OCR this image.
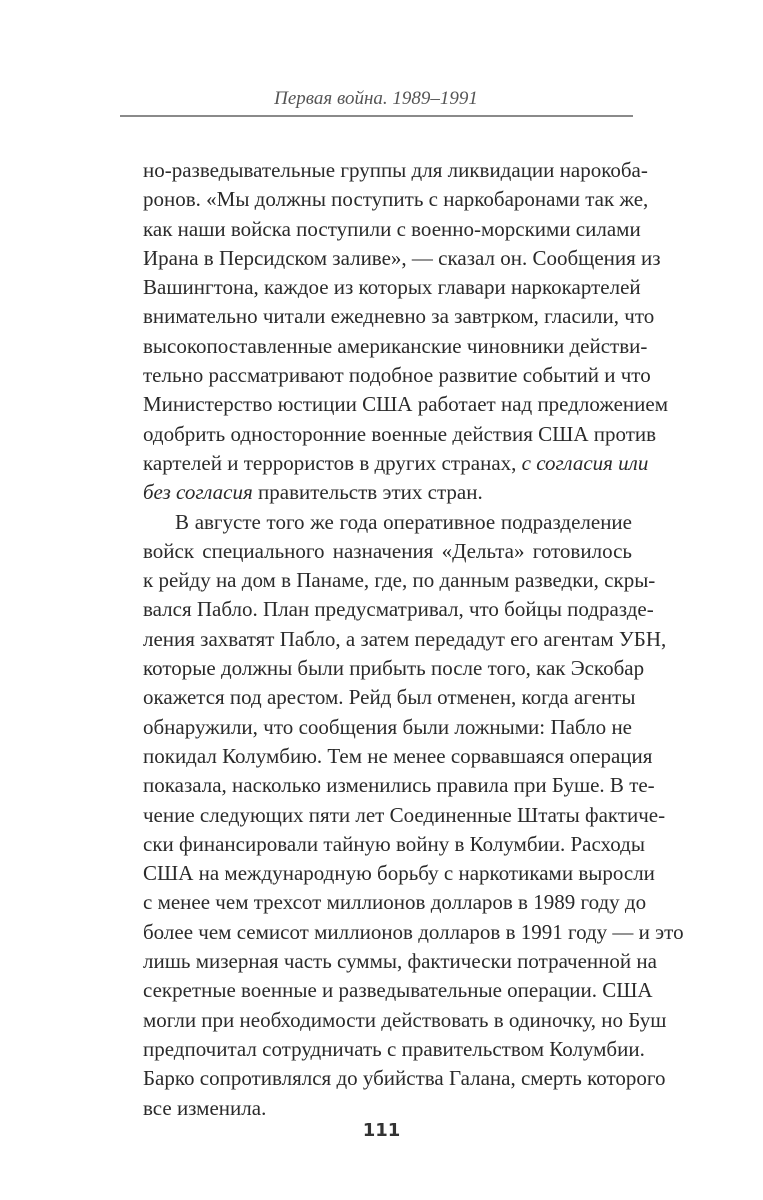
Первая война. 1989–1991
но-разведывательные группы для ликвидации нарокоба-
ронов. «Мы должны поступить с наркобаронами так же,
как наши войска поступили с военно-морскими силами
Ирана в Персидском заливе», — сказал он. Сообщения из
Вашингтона, каждое из которых главари наркокартелей
внимательно читали ежедневно за завтрком, гласили, что
высокопоставленные американские чиновники действи-
тельно рассматривают подобное развитие событий и что
Министерство юстиции США работает над предложением
одобрить односторонние военные действия США против
картелей и террористов в других странах, с согласия или
без согласия правительств этих стран.
В августе того же года оперативное подразделение
войск специального назначения «Дельта» готовилось
к рейду на дом в Панаме, где, по данным разведки, скры-
вался Пабло. План предусматривал, что бойцы подразде-
ления захватят Пабло, а затем передадут его агентам УБН,
которые должны были прибыть после того, как Эскобар
окажется под арестом. Рейд был отменен, когда агенты
обнаружили, что сообщения были ложными: Пабло не
покидал Колумбию. Тем не менее сорвавшаяся операция
показала, насколько изменились правила при Буше. В те-
чение следующих пяти лет Соединенные Штаты фактиче-
ски финансировали тайную войну в Колумбии. Расходы
США на международную борьбу с наркотиками выросли
с менее чем трехсот миллионов долларов в 1989 году до
более чем семисот миллионов долларов в 1991 году — и это
лишь мизерная часть суммы, фактически потраченной на
секретные военные и разведывательные операции. США
могли при необходимости действовать в одиночку, но Буш
предпочитал сотрудничать с правительством Колумбии.
Барко сопротивлялся до убийства Галана, смерть которого
все изменила.
111
